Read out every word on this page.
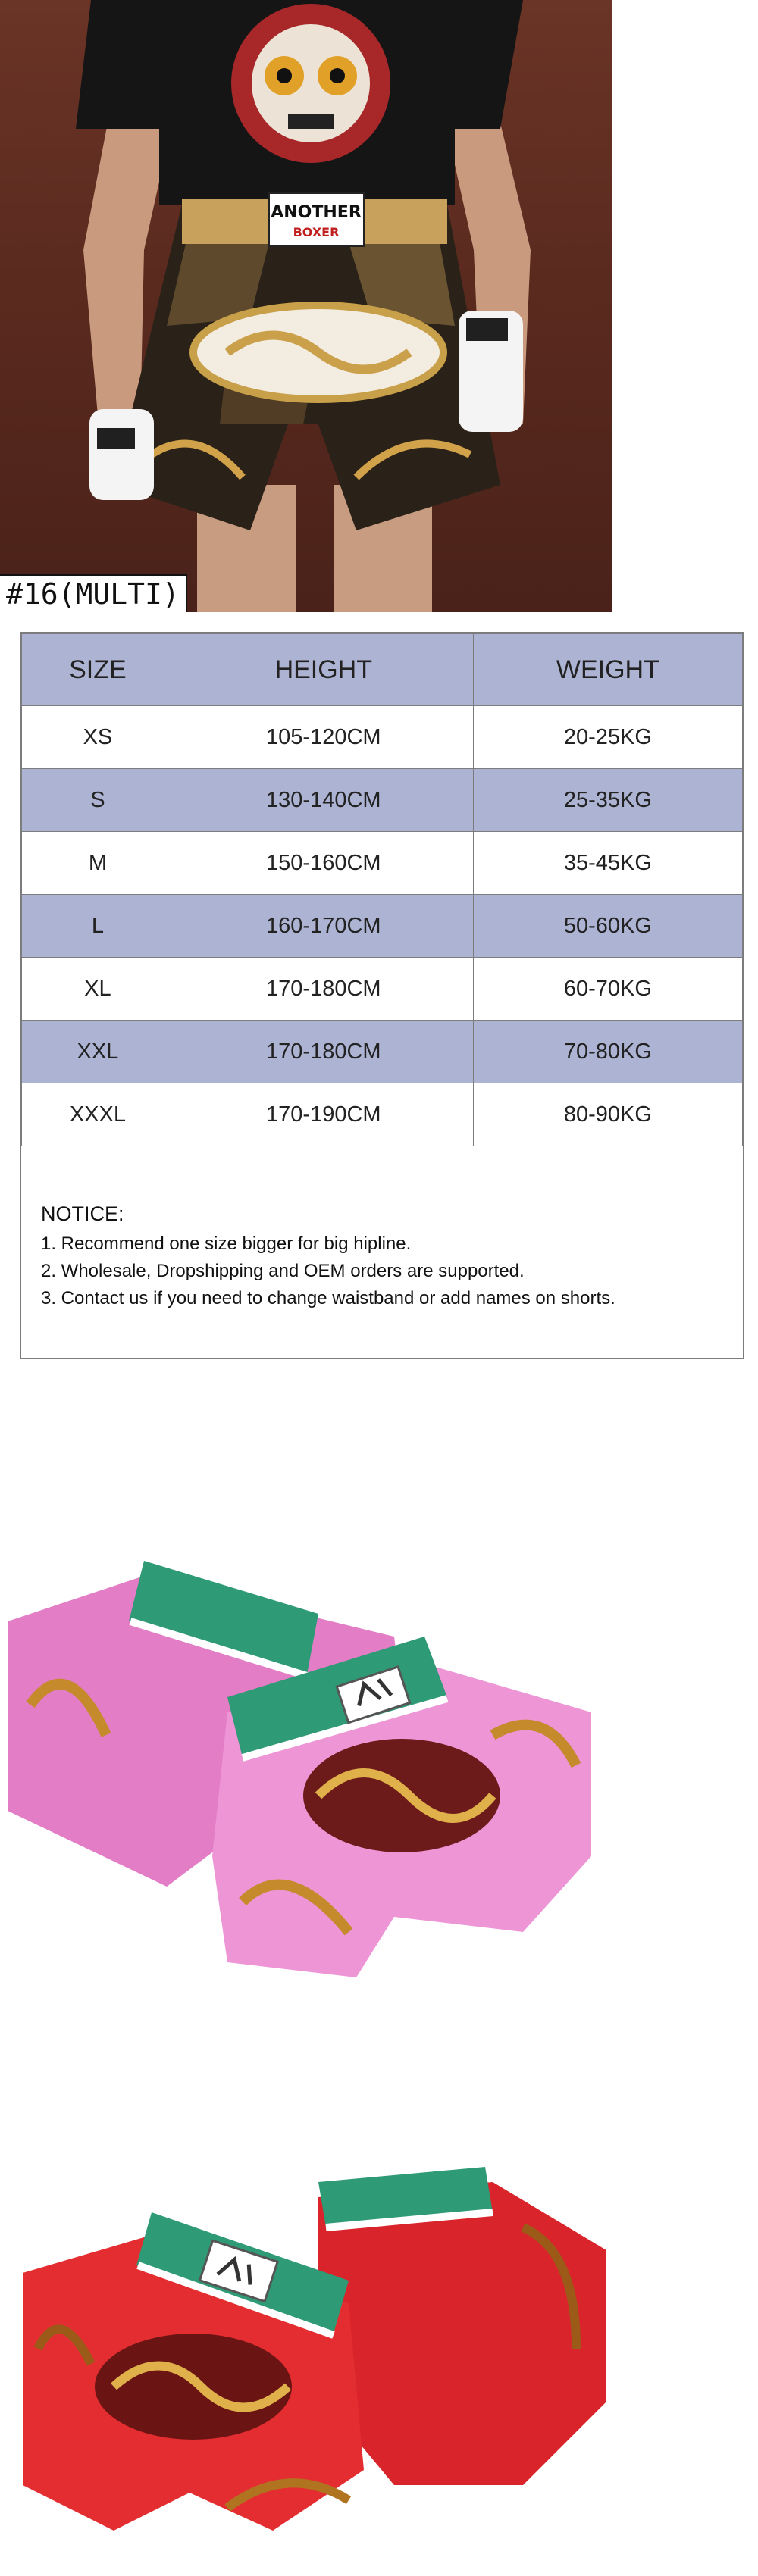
ANOTHER
BOXER
#16(MULTI)
SIZE	HEIGHT	WEIGHT
XS	105-120CM	20-25KG
S	130-140CM	25-35KG
M	150-160CM	35-45KG
L	160-170CM	50-60KG
XL	170-180CM	60-70KG
XXL	170-180CM	70-80KG
XXXL	170-190CM	80-90KG
NOTICE:
1. Recommend one size bigger for big hipline.
2. Wholesale, Dropshipping and OEM orders are supported.
3. Contact us if you need to change waistband or add names on shorts.
